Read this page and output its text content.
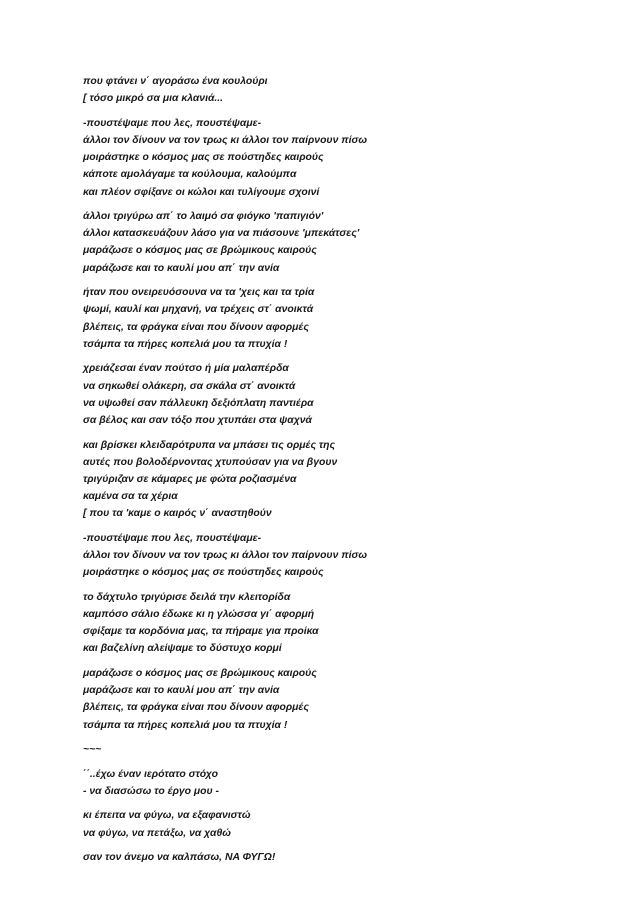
που φτάνει ν΄ αγοράσω ένα κουλούρι
[ τόσο μικρό σα μια κλανιά...
-πουστέψαμε που λες, πουστέψαμε-
άλλοι τον δίνουν να τον τρως κι άλλοι τον παίρνουν πίσω
μοιράστηκε ο κόσμος μας σε πούστηδες καιρούς
κάποτε αμολάγαμε τα κούλουμα, καλούμπα
και πλέον σφίξανε οι κώλοι και τυλίγουμε σχοινί
άλλοι τριγύρω απ΄ το λαιμό σα φιόγκο 'παπιγιόν'
άλλοι κατασκευάζουν λάσο για να πιάσουνε 'μπεκάτσες'
μαράζωσε ο κόσμος μας σε βρώμικους καιρούς
μαράζωσε και το καυλί μου απ΄ την ανία
ήταν που ονειρευόσουνα να τα 'χεις και τα τρία
ψωμί, καυλί και μηχανή, να τρέχεις στ΄ ανοικτά
βλέπεις, τα φράγκα είναι που δίνουν αφορμές
τσάμπα τα πήρες κοπελιά μου τα πτυχία !
χρειάζεσαι έναν πούτσο ή μία μαλαπέρδα
να σηκωθεί ολάκερη, σα σκάλα στ΄ ανοικτά
να υψωθεί σαν πάλλευκη δεξιόπλατη παντιέρα
σα βέλος και σαν τόξο που χτυπάει στα ψαχνά
και βρίσκει κλειδαρότρυπα να μπάσει τις ορμές της
αυτές που βολοδέρνοντας χτυπούσαν για να βγουν
τριγύριζαν σε κάμαρες με φώτα ροζιασμένα
καμένα σα τα χέρια
[ που τα 'καμε ο καιρός ν΄ αναστηθούν
-πουστέψαμε που λες, πουστέψαμε-
άλλοι τον δίνουν να τον τρως κι άλλοι τον παίρνουν πίσω
μοιράστηκε ο κόσμος μας σε πούστηδες καιρούς
το δάχτυλο τριγύρισε δειλά την κλειτορίδα
καμπόσο σάλιο έδωκε κι η γλώσσα γι΄ αφορμή
σφίξαμε τα κορδόνια μας, τα πήραμε για προίκα
και βαζελίνη αλείψαμε το δύστυχο κορμί
μαράζωσε ο κόσμος μας σε βρώμικους καιρούς
μαράζωσε και το καυλί μου απ΄ την ανία
βλέπεις, τα φράγκα είναι που δίνουν αφορμές
τσάμπα τα πήρες κοπελιά μου τα πτυχία !
~~~
΄΄..έχω έναν ιερότατο στόχο
- να διασώσω το έργο μου -
κι έπειτα να φύγω, να εξαφανιστώ
να φύγω, να πετάξω, να χαθώ
σαν τον άνεμο να καλπάσω, ΝΑ ΦΥΓΩ!
